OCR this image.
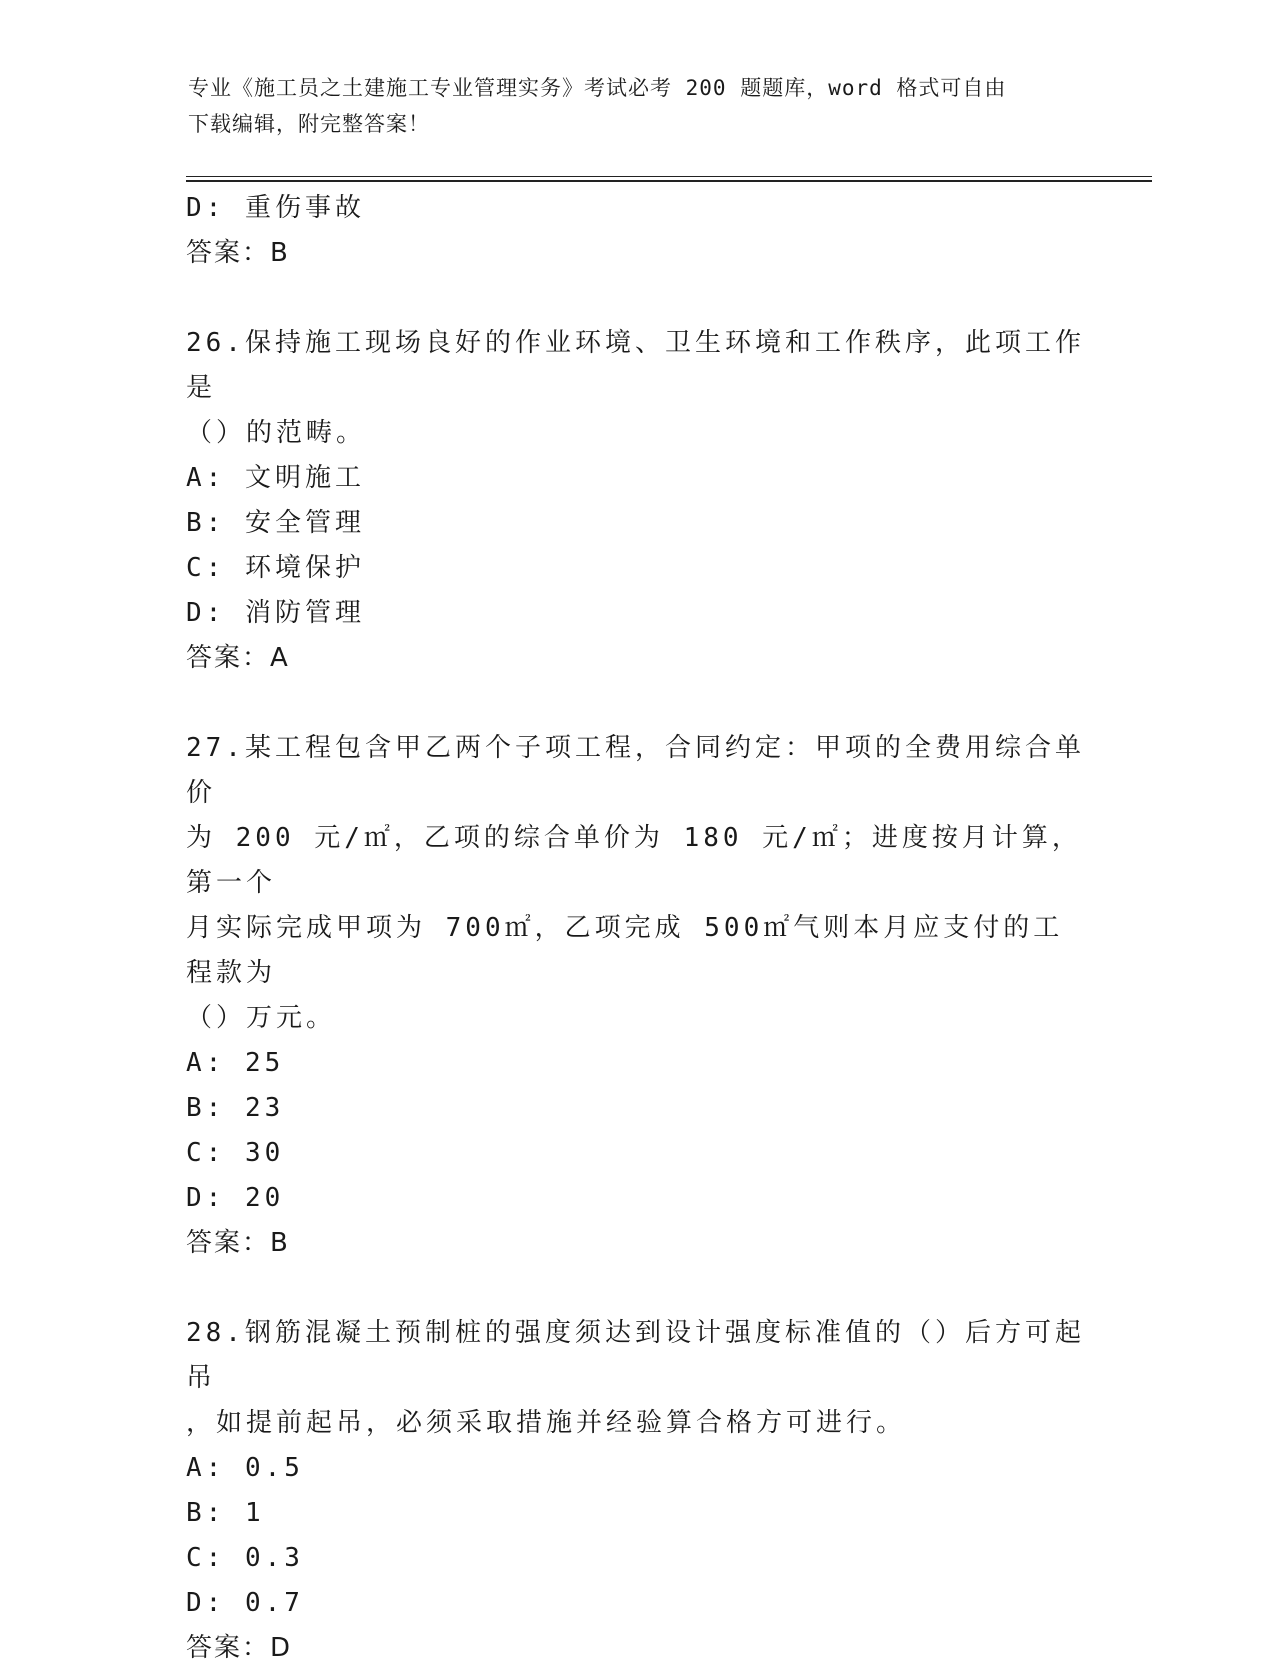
专业《施工员之土建施工专业管理实务》考试必考 200 题题库，word 格式可自由
下载编辑，附完整答案！
D: 重伤事故
答案：B
26.保持施工现场良好的作业环境、卫生环境和工作秩序，此项工作是
（）的范畴。
A: 文明施工
B: 安全管理
C: 环境保护
D: 消防管理
答案：A
27.某工程包含甲乙两个子项工程，合同约定：甲项的全费用综合单价
为 200 元/㎡，乙项的综合单价为 180 元/㎡；进度按月计算，第一个
月实际完成甲项为 700㎡，乙项完成 500㎡气则本月应支付的工程款为
（）万元。
A: 25
B: 23
C: 30
D: 20
答案：B
28.钢筋混凝土预制桩的强度须达到设计强度标准值的（）后方可起吊
，如提前起吊，必须采取措施并经验算合格方可进行。
A: 0.5
B: 1
C: 0.3
D: 0.7
答案：D
